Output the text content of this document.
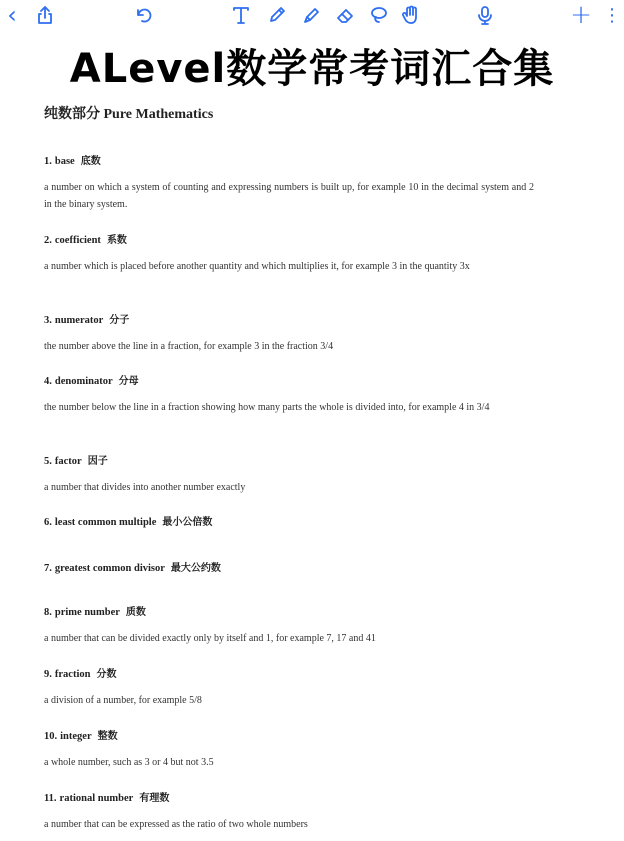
‹	+ ⋮
ALevel数学常考词汇合集
纯数部分 Pure Mathematics
1. base 底数
a number on which a system of counting and expressing numbers is built up, for example 10 in the decimal system and 2 in the binary system.
2. coefficient 系数
a number which is placed before another quantity and which multiplies it, for example 3 in the quantity 3x
3. numerator 分子
the number above the line in a fraction, for example 3 in the fraction 3/4
4. denominator 分母
the number below the line in a fraction showing how many parts the whole is divided into, for example 4 in 3/4
5. factor 因子
a number that divides into another number exactly
6. least common multiple 最小公倍数
7. greatest common divisor 最大公约数
8. prime number 质数
a number that can be divided exactly only by itself and 1, for example 7, 17 and 41
9. fraction 分数
a division of a number, for example 5/8
10. integer 整数
a whole number, such as 3 or 4 but not 3.5
11. rational number 有理数
a number that can be expressed as the ratio of two whole numbers
